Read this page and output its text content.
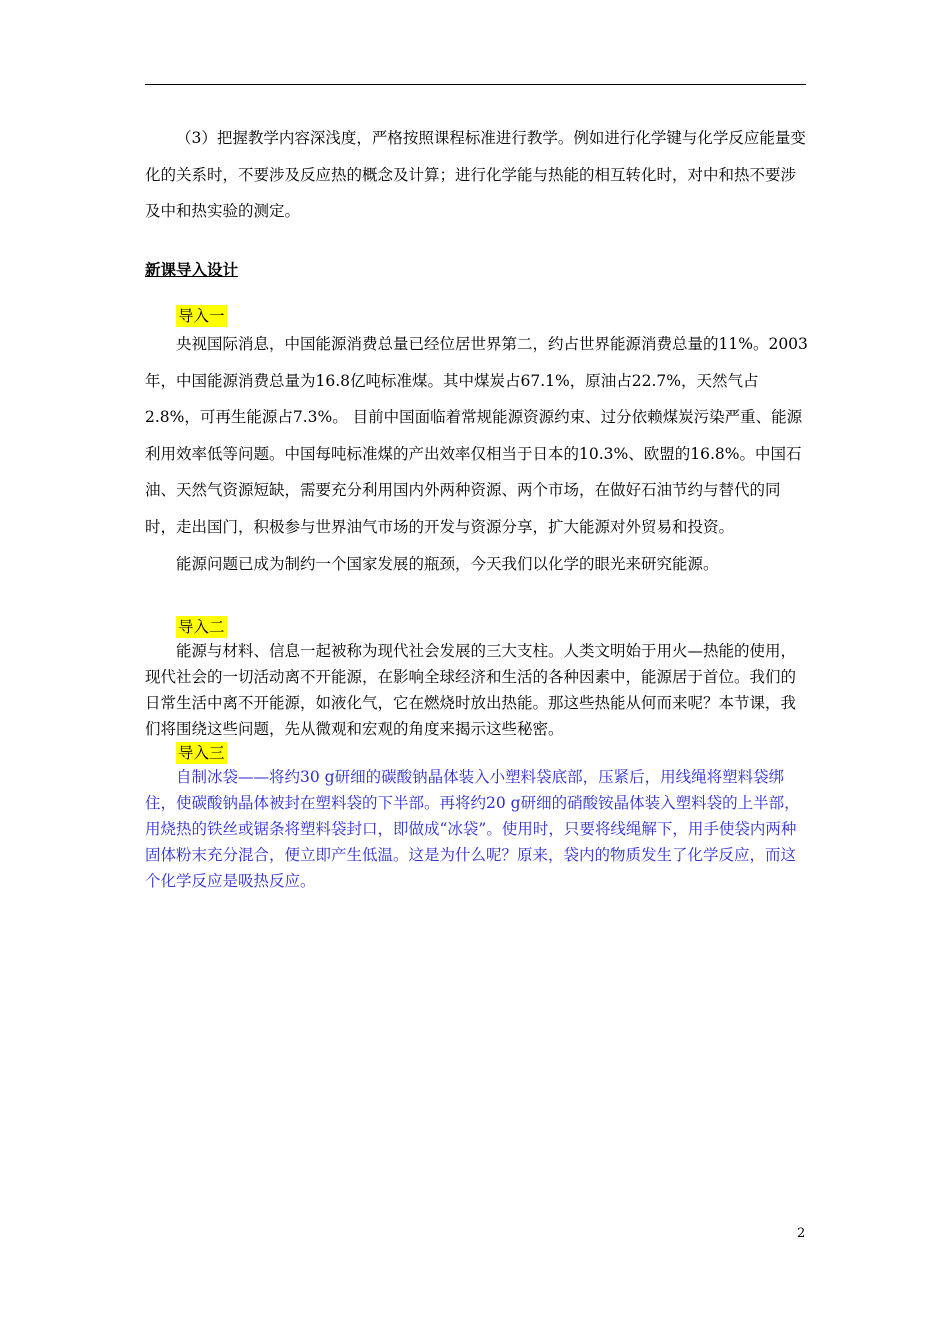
（3）把握教学内容深浅度，严格按照课程标准进行教学。例如进行化学键与化学反应能量变化的关系时，不要涉及反应热的概念及计算；进行化学能与热能的相互转化时，对中和热不要涉及中和热实验的测定。

新课导入设计
导入一

央视国际消息，中国能源消费总量已经位居世界第二，约占世界能源消费总量的11%。2003年，中国能源消费总量为16.8亿吨标准煤。其中煤炭占67.1%，原油占22.7%，天然气占2.8%，可再生能源占7.3%。 目前中国面临着常规能源资源约束、过分依赖煤炭污染严重、能源利用效率低等问题。中国每吨标准煤的产出效率仅相当于日本的10.3%、欧盟的16.8%。中国石油、天然气资源短缺，需要充分利用国内外两种资源、两个市场，在做好石油节约与替代的同时，走出国门，积极参与世界油气市场的开发与资源分享，扩大能源对外贸易和投资。

能源问题已成为制约一个国家发展的瓶颈，今天我们以化学的眼光来研究能源。

导入二

能源与材料、信息一起被称为现代社会发展的三大支柱。人类文明始于用火—热能的使用，现代社会的一切活动离不开能源，在影响全球经济和生活的各种因素中，能源居于首位。我们的日常生活中离不开能源，如液化气，它在燃烧时放出热能。那这些热能从何而来呢？本节课，我们将围绕这些问题，先从微观和宏观的角度来揭示这些秘密。

导入三

自制冰袋——将约30 g研细的碳酸钠晶体装入小塑料袋底部，压紧后，用线绳将塑料袋绑住，使碳酸钠晶体被封在塑料袋的下半部。再将约20 g研细的硝酸铵晶体装入塑料袋的上半部，用烧热的铁丝或锯条将塑料袋封口，即做成“冰袋”。使用时，只要将线绳解下，用手使袋内两种固体粉末充分混合，便立即产生低温。这是为什么呢？原来，袋内的物质发生了化学反应，而这个化学反应是吸热反应。

2
